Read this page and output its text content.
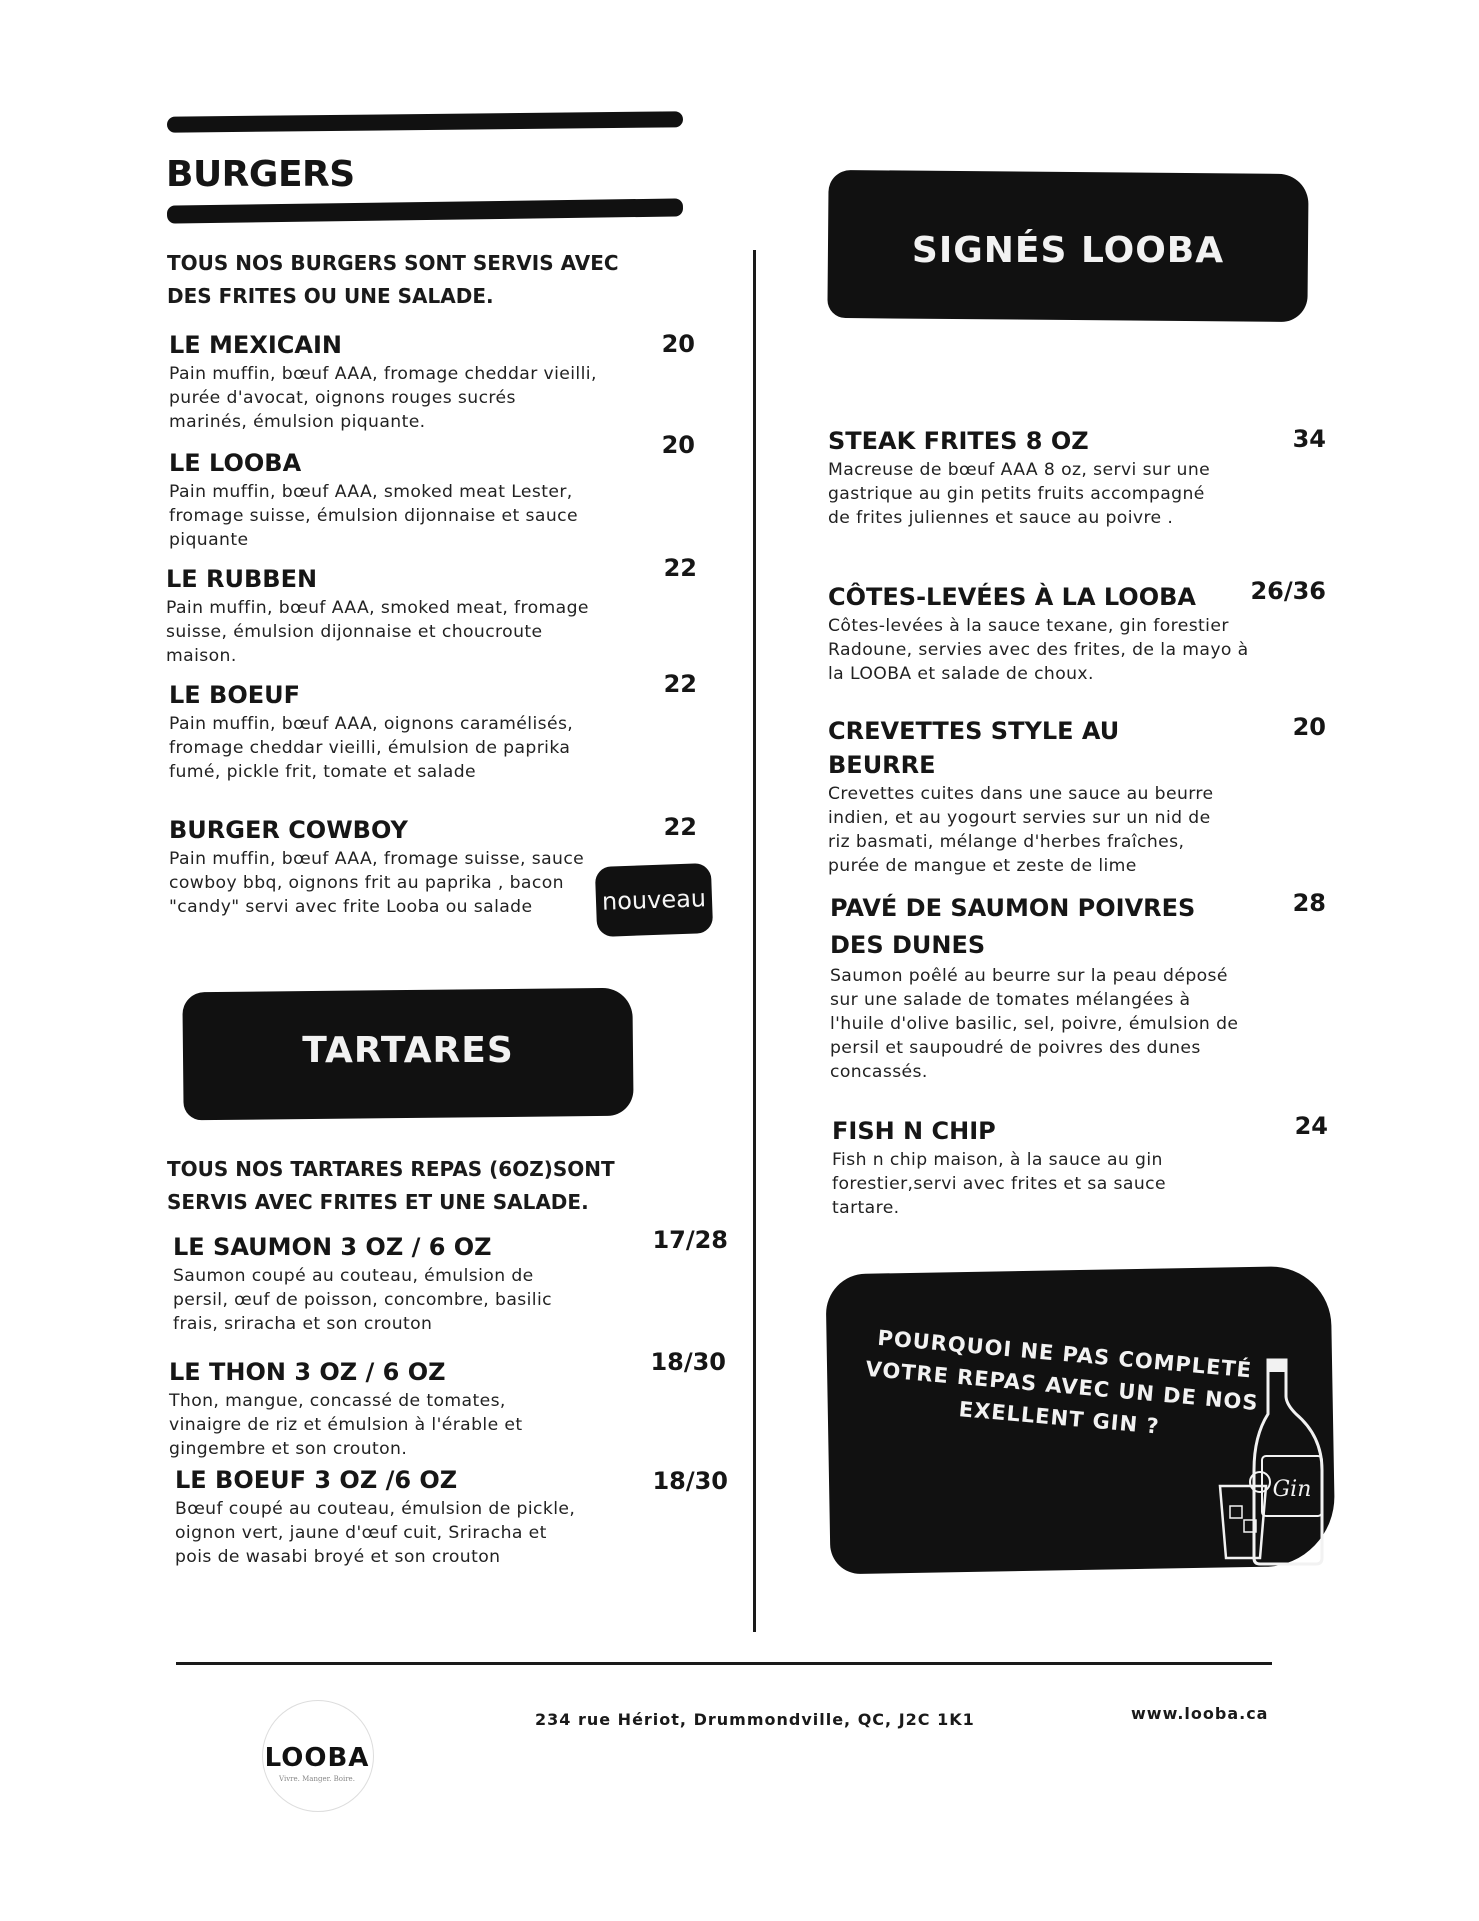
BURGERS

TOUS NOS BURGERS SONT SERVIS AVEC DES FRITES OU UNE SALADE.

LE MEXICAIN

Pain muffin, bœuf AAA, fromage cheddar vieilli, purée d'avocat, oignons rouges sucrés marinés, émulsion piquante.

20

LE LOOBA

Pain muffin, bœuf AAA, smoked meat Lester, fromage suisse, émulsion dijonnaise et sauce piquante

20

LE RUBBEN

Pain muffin, bœuf AAA, smoked meat, fromage suisse, émulsion dijonnaise et choucroute maison.

22

LE BOEUF

Pain muffin, bœuf AAA, oignons caramélisés, fromage cheddar vieilli, émulsion de paprika fumé, pickle frit, tomate et salade

22

BURGER COWBOY

Pain muffin, bœuf AAA, fromage suisse, sauce cowboy bbq, oignons frit au paprika , bacon "candy" servi avec frite Looba ou salade

22
nouveau
TARTARES

TOUS NOS TARTARES REPAS (6OZ)SONT SERVIS AVEC FRITES ET UNE SALADE.

LE SAUMON 3 OZ / 6 OZ

Saumon coupé au couteau, émulsion de persil, œuf de poisson, concombre, basilic frais, sriracha et son crouton

17/28

LE THON 3 OZ / 6 OZ

Thon, mangue, concassé de tomates, vinaigre de riz et émulsion à l'érable et gingembre et son crouton.

18/30

LE BOEUF 3 OZ /6 OZ

Bœuf coupé au couteau, émulsion de pickle, oignon vert, jaune d'œuf cuit, Sriracha et pois de wasabi broyé et son crouton

18/30
SIGNÉS LOOBA

STEAK FRITES 8 OZ

Macreuse de bœuf AAA 8 oz, servi sur une gastrique au gin petits fruits accompagné de frites juliennes et sauce au poivre .

34

CÔTES-LEVÉES À LA LOOBA

Côtes-levées à la sauce texane, gin forestier Radoune, servies avec des frites, de la mayo à la LOOBA et salade de choux.

26/36

CREVETTES STYLE AU BEURRE

Crevettes cuites dans une sauce au beurre indien, et au yogourt servies sur un nid de riz basmati, mélange d'herbes fraîches, purée de mangue et zeste de lime

20

PAVÉ DE SAUMON POIVRES DES DUNES

Saumon poêlé au beurre sur la peau déposé sur une salade de tomates mélangées à l'huile d'olive basilic, sel, poivre, émulsion de persil et saupoudré de poivres des dunes concassés.

28

FISH N CHIP

Fish n chip maison, à la sauce au gin forestier,servi avec frites et sa sauce tartare.

24
POURQUOI NE PAS COMPLETÉ VOTRE REPAS AVEC UN DE NOS EXELLENT GIN ?
Gin
234 rue Hériot, Drummondville, QC, J2C 1K1	www.looba.ca
LOOBA
Vivre. Manger. Boire.
